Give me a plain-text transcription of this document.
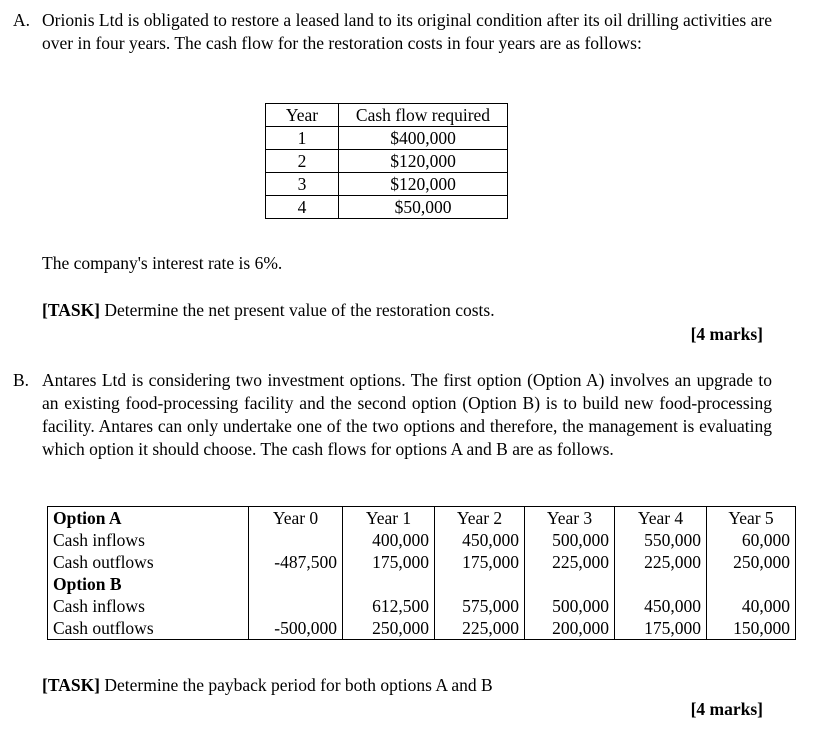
A. Orionis Ltd is obligated to restore a leased land to its original condition after its oil drilling activities are over in four years. The cash flow for the restoration costs in four years are as follows:
Year	Cash flow required
1	$400,000
2	$120,000
3	$120,000
4	$50,000
The company's interest rate is 6%.
[TASK] Determine the net present value of the restoration costs.
[4 marks]
B. Antares Ltd is considering two investment options. The first option (Option A) involves an upgrade to an existing food-processing facility and the second option (Option B) is to build new food-processing facility. Antares can only undertake one of the two options and therefore, the management is evaluating which option it should choose. The cash flows for options A and B are as follows.
Option A	Year 0	Year 1	Year 2	Year 3	Year 4	Year 5
Cash inflows		400,000	450,000	500,000	550,000	60,000
Cash outflows	-487,500	175,000	175,000	225,000	225,000	250,000
Option B						
Cash inflows		612,500	575,000	500,000	450,000	40,000
Cash outflows	-500,000	250,000	225,000	200,000	175,000	150,000
[TASK] Determine the payback period for both options A and B
[4 marks]
